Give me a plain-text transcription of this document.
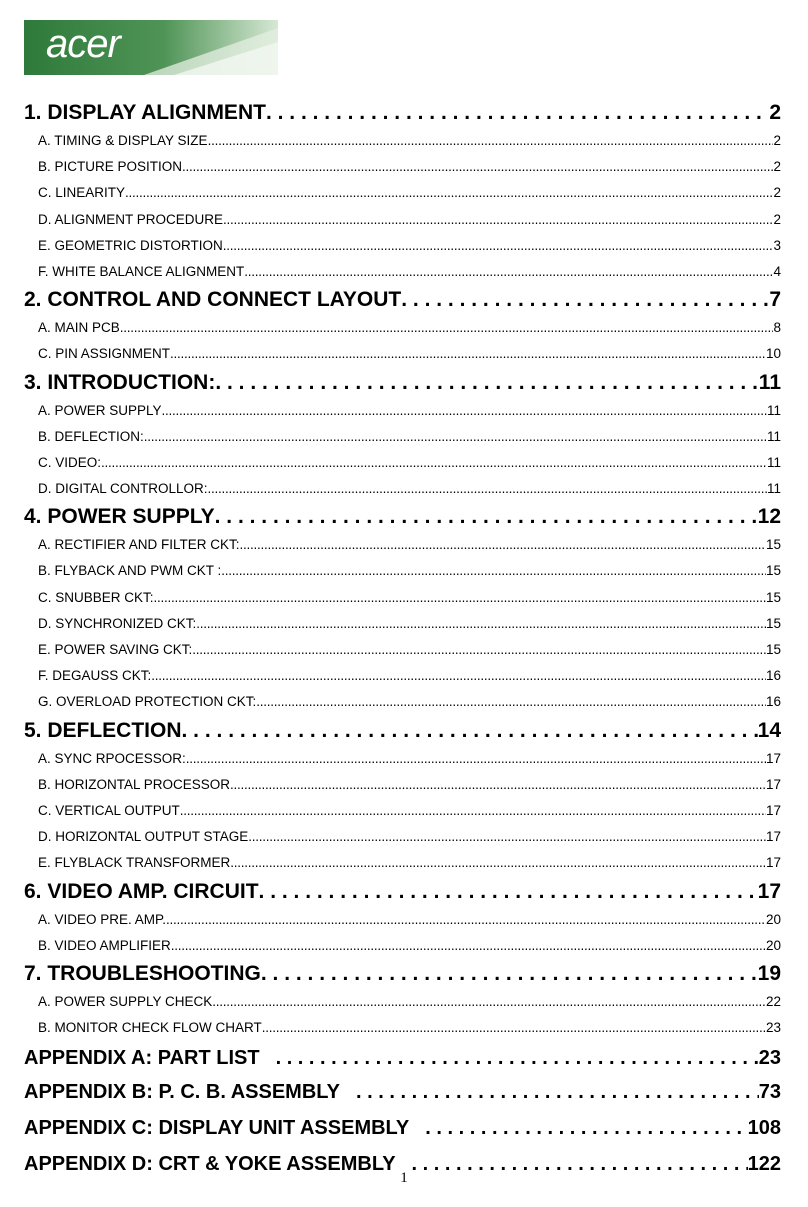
acer
1. DISPLAY ALIGNMENT . . .	2
A. TIMING & DISPLAY SIZE . . .	2
B. PICTURE POSITION . . .	2
C. LINEARITY . . .	2
D. ALIGNMENT PROCEDURE . . .	2
E. GEOMETRIC DISTORTION . . .	3
F. WHITE BALANCE ALIGNMENT . . .	4
2. CONTROL AND CONNECT LAYOUT . . .	7
A. MAIN PCB . . .	8
C. PIN ASSIGNMENT . . .	10
3. INTRODUCTION: . . .	11
A. POWER SUPPLY . . .	11
B. DEFLECTION: . . .	11
C. VIDEO: . . .	11
D. DIGITAL CONTROLLOR: . . .	11
4. POWER SUPPLY . . .	12
A. RECTIFIER AND FILTER CKT: . . .	15
B. FLYBACK AND PWM CKT : . . .	15
C. SNUBBER CKT: . . .	15
D. SYNCHRONIZED CKT: . . .	15
E. POWER SAVING CKT: . . .	15
F. DEGAUSS CKT: . . .	16
G. OVERLOAD PROTECTION CKT: . . .	16
5. DEFLECTION . . .	14
A. SYNC RPOCESSOR: . . .	17
B. HORIZONTAL PROCESSOR . . .	17
C. VERTICAL OUTPUT . . .	17
D. HORIZONTAL OUTPUT STAGE . . .	17
E. FLYBLACK TRANSFORMER . . .	17
6. VIDEO AMP. CIRCUIT . . .	17
A. VIDEO PRE. AMP. . . .	20
B. VIDEO AMPLIFIER . . .	20
7. TROUBLESHOOTING . . .	19
A. POWER SUPPLY CHECK . . .	22
B. MONITOR CHECK FLOW CHART . . .	23
APPENDIX A: PART LIST . . .	23
APPENDIX B: P. C. B. ASSEMBLY . . .	73
APPENDIX C: DISPLAY UNIT ASSEMBLY . . .	108
APPENDIX D: CRT & YOKE ASSEMBLY . . .	122
1
